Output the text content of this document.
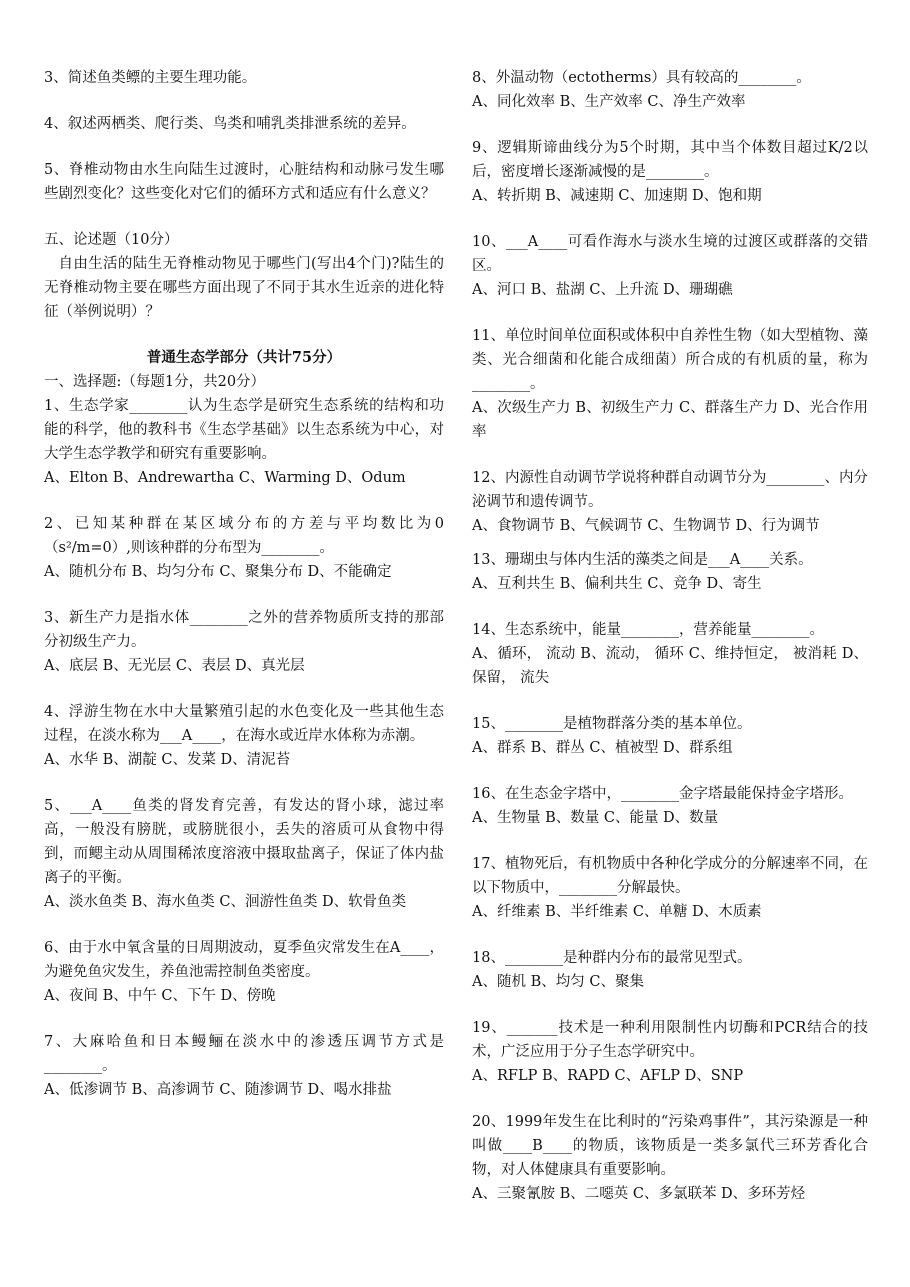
3、简述鱼类鳔的主要生理功能。

4、叙述两栖类、爬行类、鸟类和哺乳类排泄系统的差异。

5、脊椎动物由水生向陆生过渡时，心脏结构和动脉弓发生哪些剧烈变化？这些变化对它们的循环方式和适应有什么意义？

五、论述题（10分）

自由生活的陆生无脊椎动物见于哪些门(写出4个门)?陆生的无脊椎动物主要在哪些方面出现了不同于其水生近亲的进化特征（举例说明）？

普通生态学部分（共计75分）

一、选择题:（每题1分，共20分）

1、生态学家________认为生态学是研究生态系统的结构和功能的科学，他的教科书《生态学基础》以生态系统为中心，对大学生态学教学和研究有重要影响。

A、Elton B、Andrewartha C、Warming D、Odum

2、已知某种群在某区域分布的方差与平均数比为0（s²/m=0）,则该种群的分布型为________。

A、随机分布 B、均匀分布 C、聚集分布 D、不能确定

3、新生产力是指水体________之外的营养物质所支持的那部分初级生产力。

A、底层 B、无光层 C、表层 D、真光层

4、浮游生物在水中大量繁殖引起的水色变化及一些其他生态过程，在淡水称为___A____，在海水或近岸水体称为赤潮。

A、水华 B、湖靛 C、发菜 D、清泥苔

5、___A____鱼类的肾发育完善，有发达的肾小球，滤过率高，一般没有膀胱，或膀胱很小，丢失的溶质可从食物中得到，而鳃主动从周围稀浓度溶液中摄取盐离子，保证了体内盐离子的平衡。

A、淡水鱼类 B、海水鱼类 C、洄游性鱼类 D、软骨鱼类

6、由于水中氧含量的日周期波动，夏季鱼灾常发生在A____，为避免鱼灾发生，养鱼池需控制鱼类密度。

A、夜间 B、中午 C、下午 D、傍晚

7、大麻哈鱼和日本鳗鲡在淡水中的渗透压调节方式是________。

A、低渗调节 B、高渗调节 C、随渗调节 D、喝水排盐

8、外温动物（ectotherms）具有较高的________。

A、同化效率 B、生产效率 C、净生产效率

9、逻辑斯谛曲线分为5个时期，其中当个体数目超过K/2以后，密度增长逐渐减慢的是________。

A、转折期 B、减速期 C、加速期 D、饱和期

10、___A____可看作海水与淡水生境的过渡区或群落的交错区。

A、河口 B、盐湖 C、上升流 D、珊瑚礁

11、单位时间单位面积或体积中自养性生物（如大型植物、藻类、光合细菌和化能合成细菌）所合成的有机质的量，称为________。

A、次级生产力 B、初级生产力 C、群落生产力 D、光合作用率

12、内源性自动调节学说将种群自动调节分为________、内分泌调节和遗传调节。

A、食物调节 B、气候调节 C、生物调节 D、行为调节

13、珊瑚虫与体内生活的藻类之间是___A____关系。

A、互利共生 B、偏利共生 C、竞争 D、寄生

14、生态系统中，能量________，营养能量________。

A、循环， 流动 B、流动， 循环 C、维持恒定， 被消耗 D、保留， 流失

15、________是植物群落分类的基本单位。

A、群系 B、群丛 C、植被型 D、群系组

16、在生态金字塔中，________金字塔最能保持金字塔形。

A、生物量 B、数量 C、能量 D、数量

17、植物死后，有机物质中各种化学成分的分解速率不同，在以下物质中，________分解最快。

A、纤维素 B、半纤维素 C、单糖 D、木质素

18、________是种群内分布的最常见型式。

A、随机 B、均匀 C、聚集

19、_______技术是一种利用限制性内切酶和PCR结合的技术，广泛应用于分子生态学研究中。

A、RFLP B、RAPD C、AFLP D、SNP

20、1999年发生在比利时的“污染鸡事件”，其污染源是一种叫做____B____的物质，该物质是一类多氯代三环芳香化合物，对人体健康具有重要影响。

A、三聚氰胺 B、二噁英 C、多氯联苯 D、多环芳烃
